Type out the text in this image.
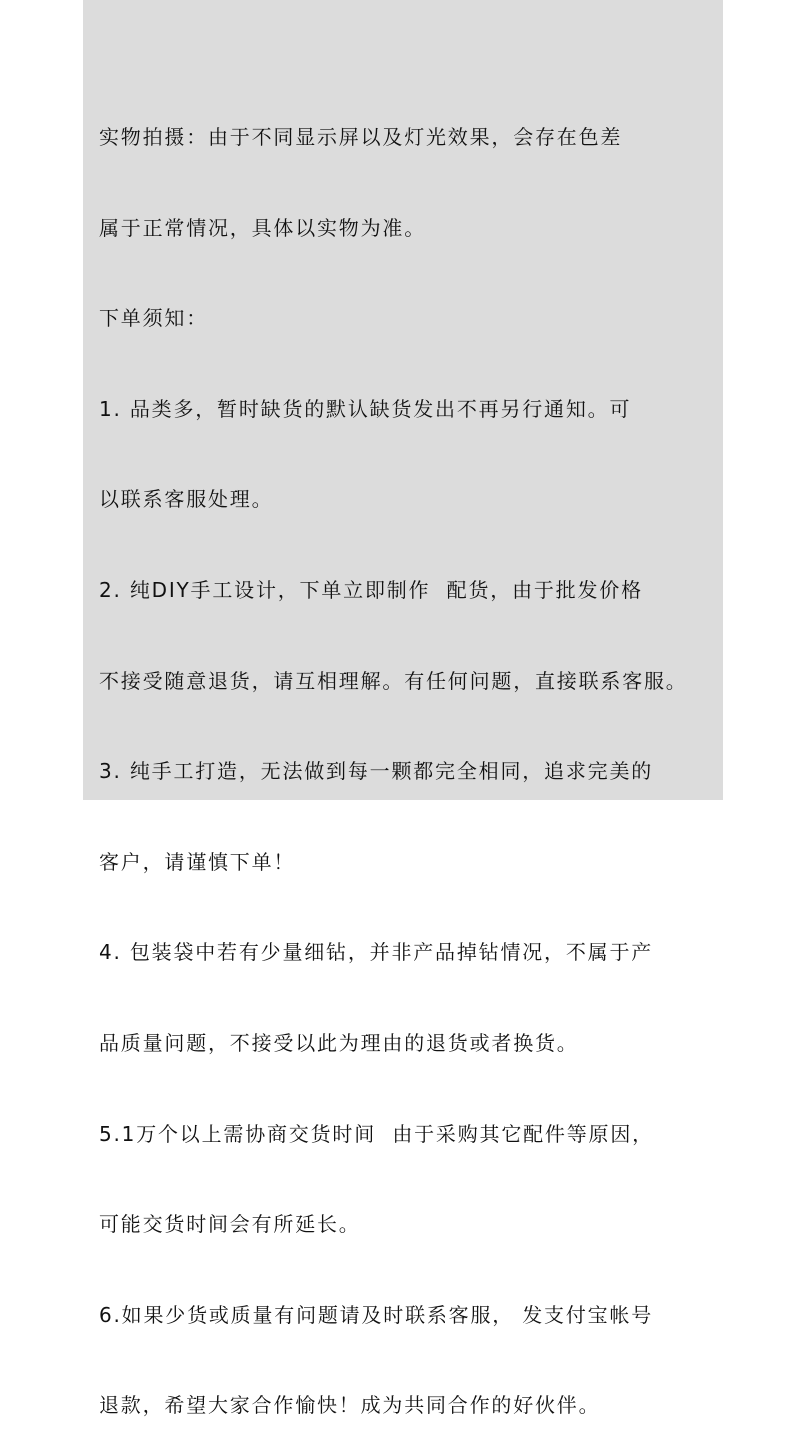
实物拍摄：由于不同显示屏以及灯光效果，会存在色差

属于正常情况，具体以实物为准。

下单须知：

1. 品类多，暂时缺货的默认缺货发出不再另行通知。可

以联系客服处理。

2. 纯DIY手工设计，下单立即制作  配货，由于批发价格

不接受随意退货，请互相理解。有任何问题，直接联系客服。

3. 纯手工打造，无法做到每一颗都完全相同，追求完美的

客户，请谨慎下单！

4. 包装袋中若有少量细钻，并非产品掉钻情况，不属于产

品质量问题，不接受以此为理由的退货或者换货。

5.1万个以上需协商交货时间  由于采购其它配件等原因，

可能交货时间会有所延长。

6.如果少货或质量有问题请及时联系客服， 发支付宝帐号

退款，希望大家合作愉快！成为共同合作的好伙伴。
